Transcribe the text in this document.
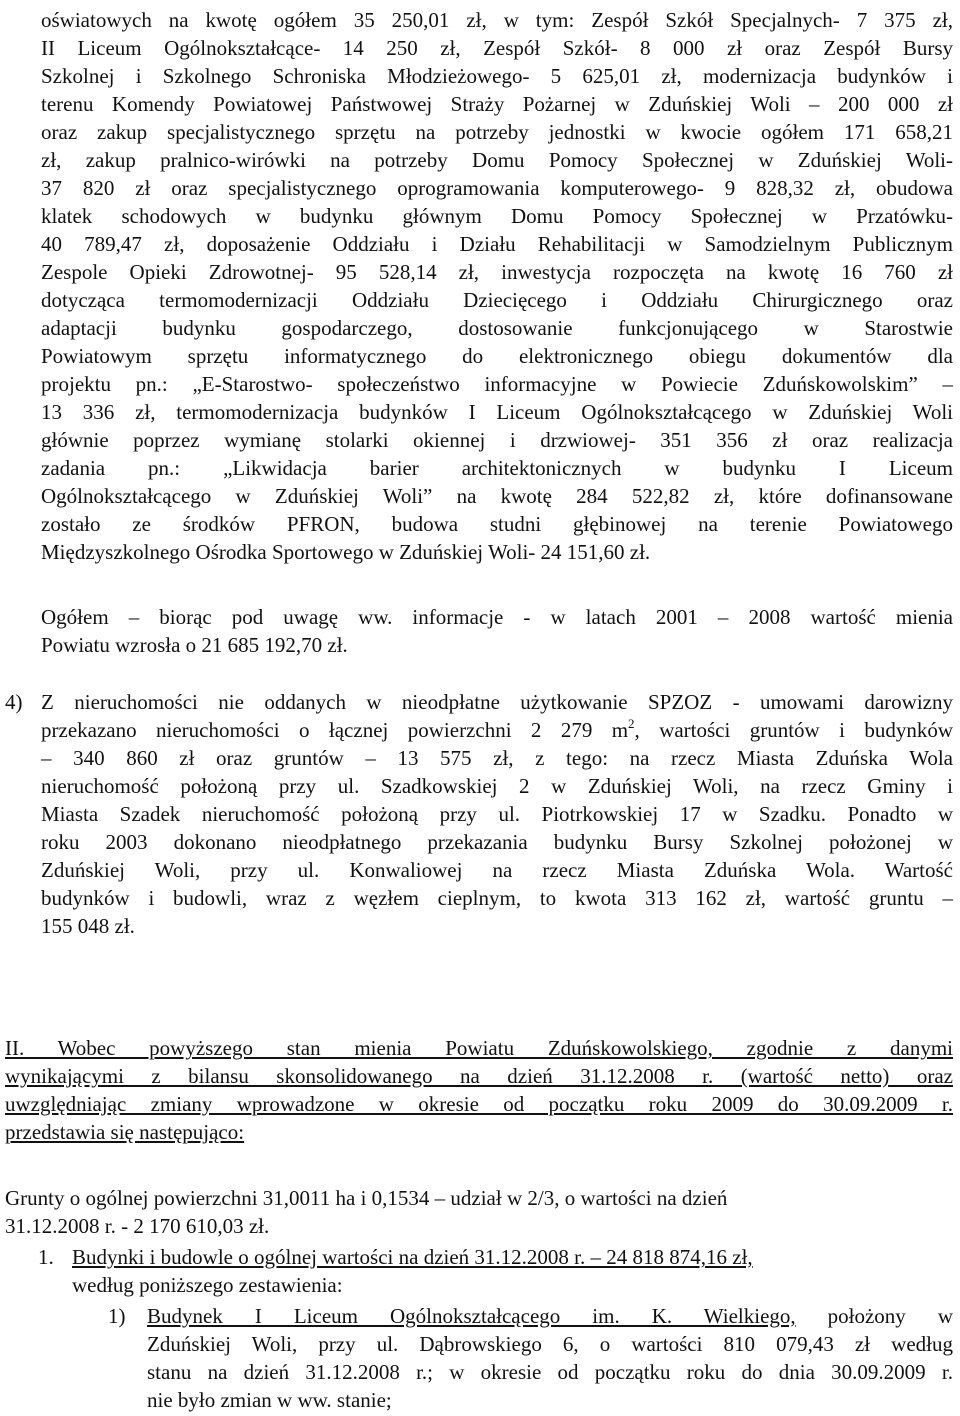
oświatowych na kwotę ogółem 35 250,01 zł, w tym: Zespół Szkół Specjalnych- 7 375 zł,
II Liceum Ogólnokształcące- 14 250 zł, Zespół Szkół- 8 000 zł oraz Zespół Bursy
Szkolnej i Szkolnego Schroniska Młodzieżowego- 5 625,01 zł, modernizacja budynków i
terenu Komendy Powiatowej Państwowej Straży Pożarnej w Zduńskiej Woli – 200 000 zł
oraz zakup specjalistycznego sprzętu na potrzeby jednostki w kwocie ogółem 171 658,21
zł, zakup pralnico-wirówki na potrzeby Domu Pomocy Społecznej w Zduńskiej Woli-
37 820 zł oraz specjalistycznego oprogramowania komputerowego- 9 828,32 zł, obudowa
klatek schodowych w budynku głównym Domu Pomocy Społecznej w Przatówku-
40 789,47 zł, doposażenie Oddziału i Działu Rehabilitacji w Samodzielnym Publicznym
Zespole Opieki Zdrowotnej- 95 528,14 zł, inwestycja rozpoczęta na kwotę 16 760 zł
dotycząca termomodernizacji Oddziału Dziecięcego i Oddziału Chirurgicznego oraz
adaptacji budynku gospodarczego, dostosowanie funkcjonującego w Starostwie
Powiatowym sprzętu informatycznego do elektronicznego obiegu dokumentów dla
projektu pn.: „E-Starostwo- społeczeństwo informacyjne w Powiecie Zduńskowolskim” –
13 336 zł, termomodernizacja budynków I Liceum Ogólnokształcącego w Zduńskiej Woli
głównie poprzez wymianę stolarki okiennej i drzwiowej- 351 356 zł oraz realizacja
zadania pn.: „Likwidacja barier architektonicznych w budynku I Liceum
Ogólnokształcącego w Zduńskiej Woli” na kwotę 284 522,82 zł, które dofinansowane
zostało ze środków PFRON, budowa studni głębinowej na terenie Powiatowego
Międzyszkolnego Ośrodka Sportowego w Zduńskiej Woli- 24 151,60 zł.
Ogółem – biorąc pod uwagę ww. informacje - w latach 2001 – 2008 wartość mienia
Powiatu wzrosła o 21 685 192,70 zł.
4) Z nieruchomości nie oddanych w nieodpłatne użytkowanie SPZOZ - umowami darowizny
przekazano nieruchomości o łącznej powierzchni 2 279 $m^2$, wartości gruntów i budynków
– 340 860 zł oraz gruntów – 13 575 zł, z tego: na rzecz Miasta Zduńska Wola
nieruchomość położoną przy ul. Szadkowskiej 2 w Zduńskiej Woli, na rzecz Gminy i
Miasta Szadek nieruchomość położoną przy ul. Piotrkowskiej 17 w Szadku. Ponadto w
roku 2003 dokonano nieodpłatnego przekazania budynku Bursy Szkolnej położonej w
Zduńskiej Woli, przy ul. Konwaliowej na rzecz Miasta Zduńska Wola. Wartość
budynków i budowli, wraz z węzłem cieplnym, to kwota 313 162 zł, wartość gruntu –
155 048 zł.
II. Wobec powyższego stan mienia Powiatu Zduńskowolskiego, zgodnie z danymi
wynikającymi z bilansu skonsolidowanego na dzień 31.12.2008 r. (wartość netto) oraz
uwzględniając zmiany wprowadzone w okresie od początku roku 2009 do 30.09.2009 r.
przedstawia się następująco:
Grunty o ogólnej powierzchni 31,0011 ha i 0,1534 – udział w 2/3, o wartości na dzień
31.12.2008 r. - 2 170 610,03 zł.
1. Budynki i budowle o ogólnej wartości na dzień 31.12.2008 r. – 24 818 874,16 zł,
według poniższego zestawienia:
1) Budynek I Liceum Ogólnokształcącego im. K. Wielkiego, położony w
Zduńskiej Woli, przy ul. Dąbrowskiego 6, o wartości 810 079,43 zł według
stanu na dzień 31.12.2008 r.; w okresie od początku roku do dnia 30.09.2009 r.
nie było zmian w ww. stanie;
